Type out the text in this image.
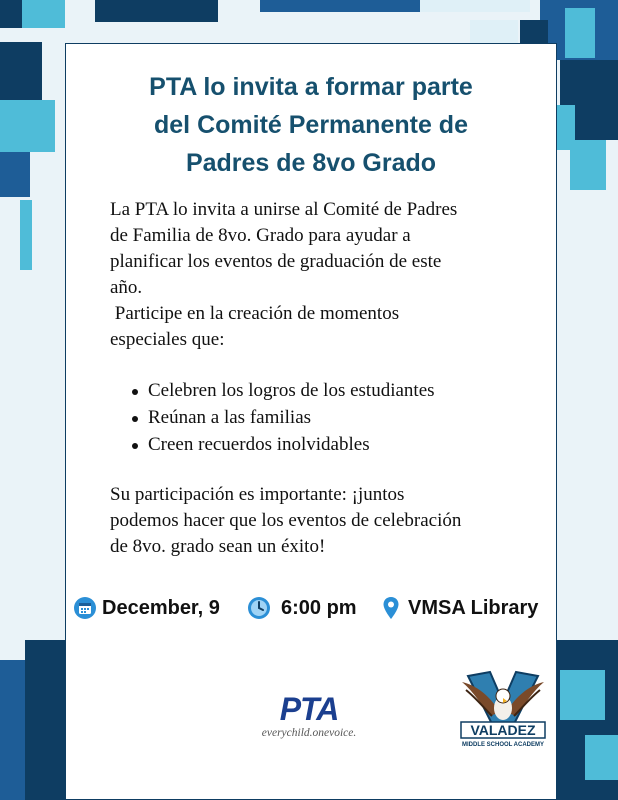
PTA lo invita a formar parte
del Comité Permanente de
Padres de 8vo Grado

La PTA lo invita a unirse al Comité de Padres

de Familia de 8vo. Grado para ayudar a

planificar los eventos de graduación de este

año.

Participe en la creación de momentos

especiales que:

Celebren los logros de los estudiantes
Reúnan a las familias
Creen recuerdos inolvidables

Su participación es importante: ¡juntos

podemos hacer que los eventos de celebración

de 8vo. grado sean un éxito!

December, 9	6:00 pm	VMSA Library
PTA
everychild.onevoice.	VALADEZ
MIDDLE SCHOOL ACADEMY
